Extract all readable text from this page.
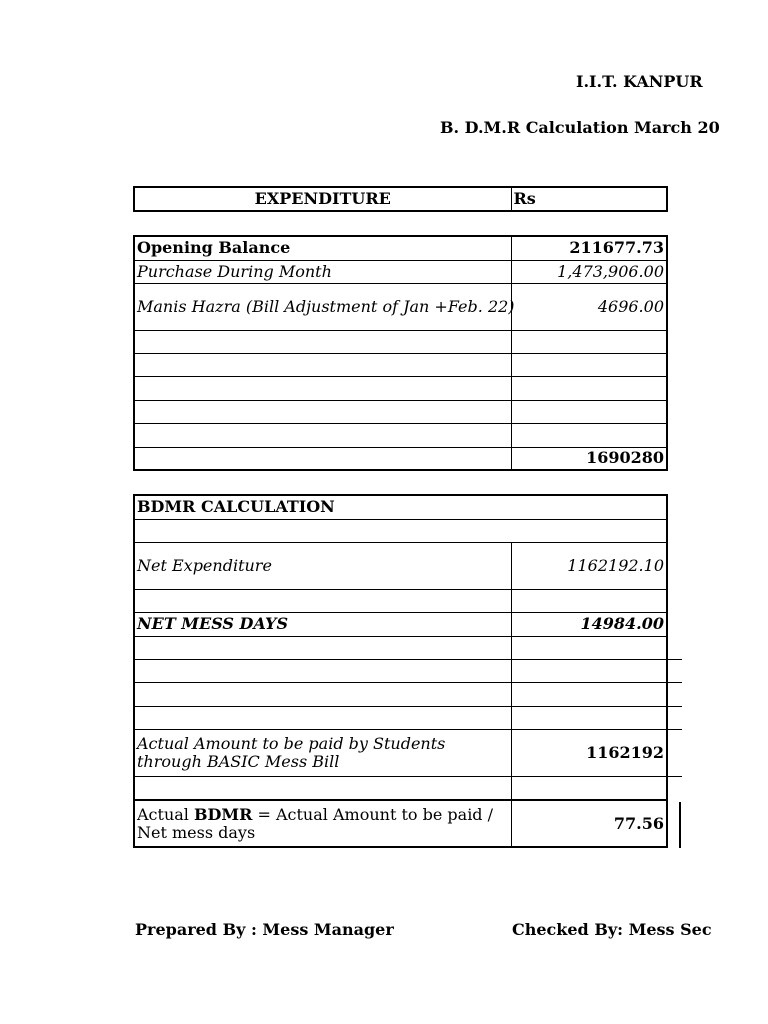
I.I.T. KANPUR
B. D.M.R Calculation March 20
EXPENDITURE	Rs
Opening Balance	211677.73
Purchase During Month	1,473,906.00
Manis Hazra (Bill Adjustment of Jan +Feb. 22)	4696.00

	1690280
BDMR CALCULATION	

Net Expenditure	1162192.10

NET MESS DAYS	14984.00

Actual Amount to be paid by Students through BASIC Mess Bill	1162192

Actual BDMR = Actual Amount to be paid / Net mess days	77.56
Prepared By : Mess Manager	Checked By: Mess Sec
